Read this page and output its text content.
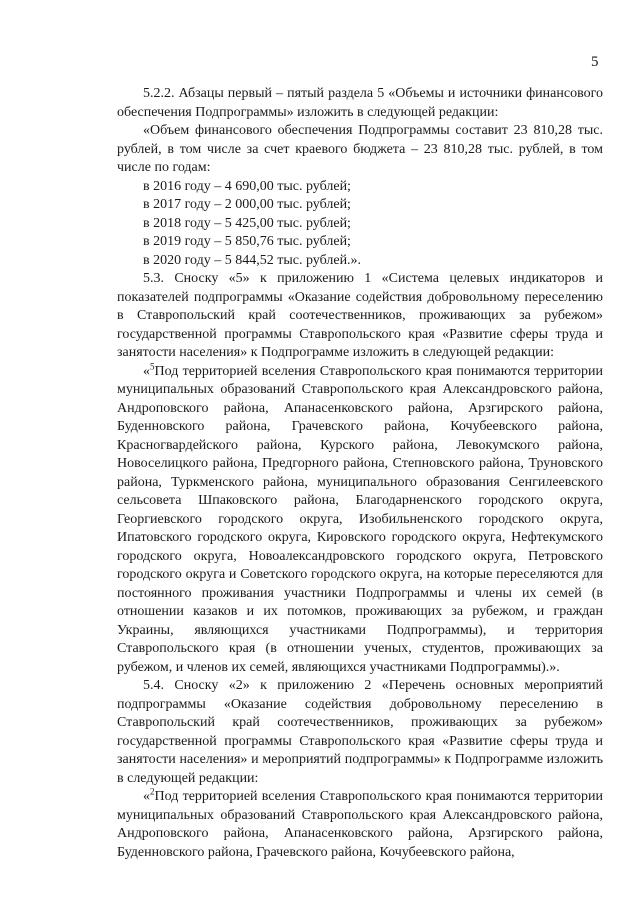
5

5.2.2. Абзацы первый – пятый раздела 5 «Объемы и источники финансового обеспечения Подпрограммы» изложить в следующей редакции:

«Объем финансового обеспечения Подпрограммы составит 23 810,28 тыс. рублей, в том числе за счет краевого бюджета – 23 810,28 тыс. рублей, в том числе по годам:

в 2016 году – 4 690,00 тыс. рублей;
в 2017 году – 2 000,00 тыс. рублей;
в 2018 году – 5 425,00 тыс. рублей;
в 2019 году – 5 850,76 тыс. рублей;
в 2020 году – 5 844,52 тыс. рублей.».

5.3. Сноску «5» к приложению 1 «Система целевых индикаторов и показателей подпрограммы «Оказание содействия добровольному переселению в Ставропольский край соотечественников, проживающих за рубежом» государственной программы Ставропольского края «Развитие сферы труда и занятости населения» к Подпрограмме изложить в следующей редакции:

«$^5$Под территорией вселения Ставропольского края понимаются территории муниципальных образований Ставропольского края Александровского района, Андроповского района, Апанасенковского района, Арзгирского района, Буденновского района, Грачевского района, Кочубеевского района, Красногвардейского района, Курского района, Левокумского района, Новоселицкого района, Предгорного района, Степновского района, Труновского района, Туркменского района, муниципального образования Сенгилеевского сельсовета Шпаковского района, Благодарненского городского округа, Георгиевского городского округа, Изобильненского городского округа, Ипатовского городского округа, Кировского городского округа, Нефтекумского городского округа, Новоалександровского городского округа, Петровского городского округа и Советского городского округа, на которые переселяются для постоянного проживания участники Подпрограммы и члены их семей (в отношении казаков и их потомков, проживающих за рубежом, и граждан Украины, являющихся участниками Подпрограммы), и территория Ставропольского края (в отношении ученых, студентов, проживающих за рубежом, и членов их семей, являющихся участниками Подпрограммы).».

5.4. Сноску «2» к приложению 2 «Перечень основных мероприятий подпрограммы «Оказание содействия добровольному переселению в Ставропольский край соотечественников, проживающих за рубежом» государственной программы Ставропольского края «Развитие сферы труда и занятости населения» и мероприятий подпрограммы» к Подпрограмме изложить в следующей редакции:

«$^2$Под территорией вселения Ставропольского края понимаются территории муниципальных образований Ставропольского края Александровского района, Андроповского района, Апанасенковского района, Арзгирского района, Буденновского района, Грачевского района, Кочубеевского района,
